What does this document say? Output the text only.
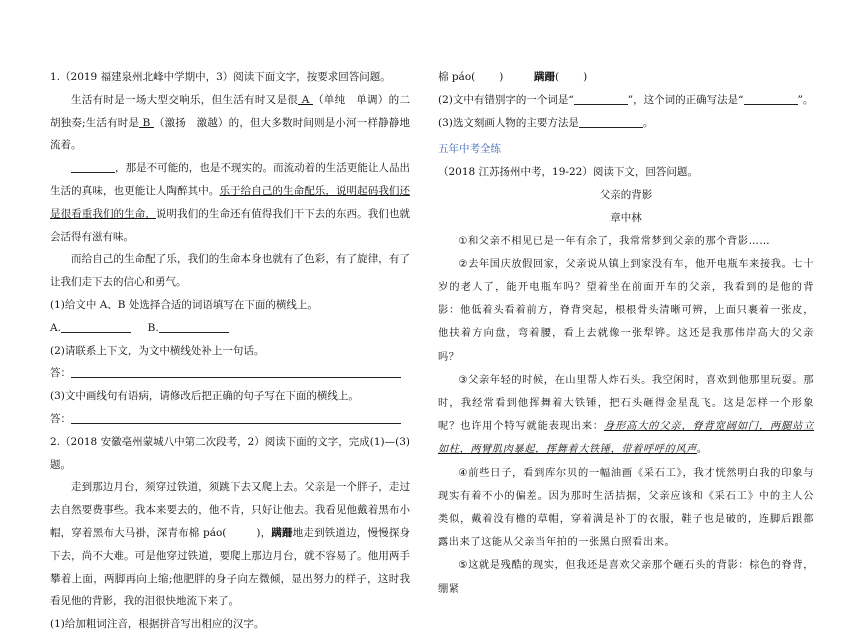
1.（2019 福建泉州北峰中学期中，3）阅读下面文字，按要求回答问题。

生活有时是一场大型交响乐，但生活有时又是很 A （单纯　单调）的二胡独奏;生活有时是 B （激扬　激越）的，但大多数时间则是小河一样静静地流着。

，那是不可能的，也是不现实的。而流动着的生活更能让人品出生活的真味，也更能让人陶醉其中。乐于给自己的生命配乐，说明起码我们还是很看重我们的生命，说明我们的生命还有值得我们干下去的东西。我们也就会活得有滋有味。

而给自己的生命配了乐，我们的生命本身也就有了色彩，有了旋律，有了让我们走下去的信心和勇气。

(1)给文中 A、B 处选择合适的词语填写在下面的横线上。

A.	B.

(2)请联系上下文，为文中横线处补上一句话。

答：

(3)文中画线句有语病，请修改后把正确的句子写在下面的横线上。

答：

2.（2018 安徽亳州蒙城八中第二次段考，2）阅读下面的文字，完成(1)—(3)题。

走到那边月台，须穿过铁道，须跳下去又爬上去。父亲是一个胖子，走过去自然要费事些。我本来要去的，他不肯，只好让他去。我看见他戴着黑布小帽，穿着黑布大马褂，深青布棉 páo(	)，蹒跚地走到铁道边，慢慢探身下去，尚不大难。可是他穿过铁道，要爬上那边月台，就不容易了。他用两手攀着上面，两脚再向上缩;他肥胖的身子向左微倾，显出努力的样子，这时我看见他的背影，我的泪很快地流下来了。

(1)给加粗词注音，根据拼音写出相应的汉字。

棉 páo( )	蹒跚( )

(2)文中有错别字的一个词是“	”，这个词的正确写法是“	”。

(3)选文刻画人物的主要方法是	。

五年中考全练

（2018 江苏扬州中考，19-22）阅读下文，回答问题。

父亲的背影

章中林

①和父亲不相见已是一年有余了，我常常梦到父亲的那个背影……

②去年国庆放假回家，父亲说从镇上到家没有车，他开电瓶车来接我。七十岁的老人了，能开电瓶车吗？望着坐在前面开车的父亲，我看到的是他的背影：他低着头看着前方，脊背突起，根根骨头清晰可辨，上面只裹着一张皮，他扶着方向盘，弯着腰，看上去就像一张犁铧。这还是我那伟岸高大的父亲吗？

③父亲年轻的时候，在山里帮人炸石头。我空闲时，喜欢到他那里玩耍。那时，我经常看到他挥舞着大铁锤，把石头砸得金星乱飞。这是怎样一个形象呢？也许用个特写就能表现出来：身形高大的父亲，脊背宽阔如门，两腿站立如柱，两臂肌肉暴起，挥舞着大铁锤，带着呼呼的风声。

④前些日子，看到库尔贝的一幅油画《采石工》，我才恍然明白我的印象与现实有着不小的偏差。因为那时生活拮据，父亲应该和《采石工》中的主人公类似，戴着没有檐的草帽，穿着满是补丁的衣服，鞋子也是破的，连脚后跟都露出来了这能从父亲当年拍的一张黑白照看出来。

⑤这就是残酷的现实，但我还是喜欢父亲那个砸石头的背影：棕色的脊背，绷紧
